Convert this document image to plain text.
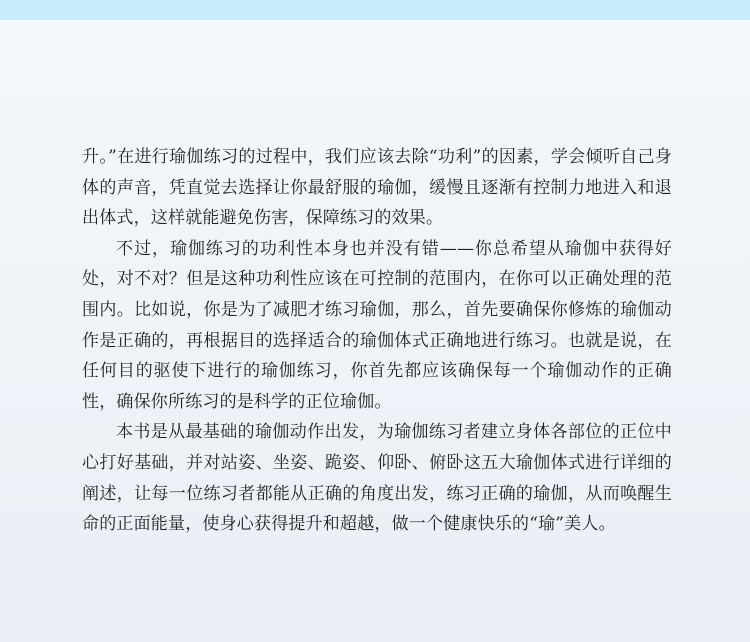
升。”在进行瑜伽练习的过程中，我们应该去除“功利”的因素，学会倾听自己身体的声音，凭直觉去选择让你最舒服的瑜伽，缓慢且逐渐有控制力地进入和退出体式，这样就能避免伤害，保障练习的效果。

不过，瑜伽练习的功利性本身也并没有错——你总希望从瑜伽中获得好处，对不对？但是这种功利性应该在可控制的范围内，在你可以正确处理的范围内。比如说，你是为了减肥才练习瑜伽，那么，首先要确保你修炼的瑜伽动作是正确的，再根据目的选择适合的瑜伽体式正确地进行练习。也就是说，在任何目的驱使下进行的瑜伽练习，你首先都应该确保每一个瑜伽动作的正确性，确保你所练习的是科学的正位瑜伽。

本书是从最基础的瑜伽动作出发，为瑜伽练习者建立身体各部位的正位中心打好基础，并对站姿、坐姿、跪姿、仰卧、俯卧这五大瑜伽体式进行详细的阐述，让每一位练习者都能从正确的角度出发，练习正确的瑜伽，从而唤醒生命的正面能量，使身心获得提升和超越，做一个健康快乐的“瑜”美人。
